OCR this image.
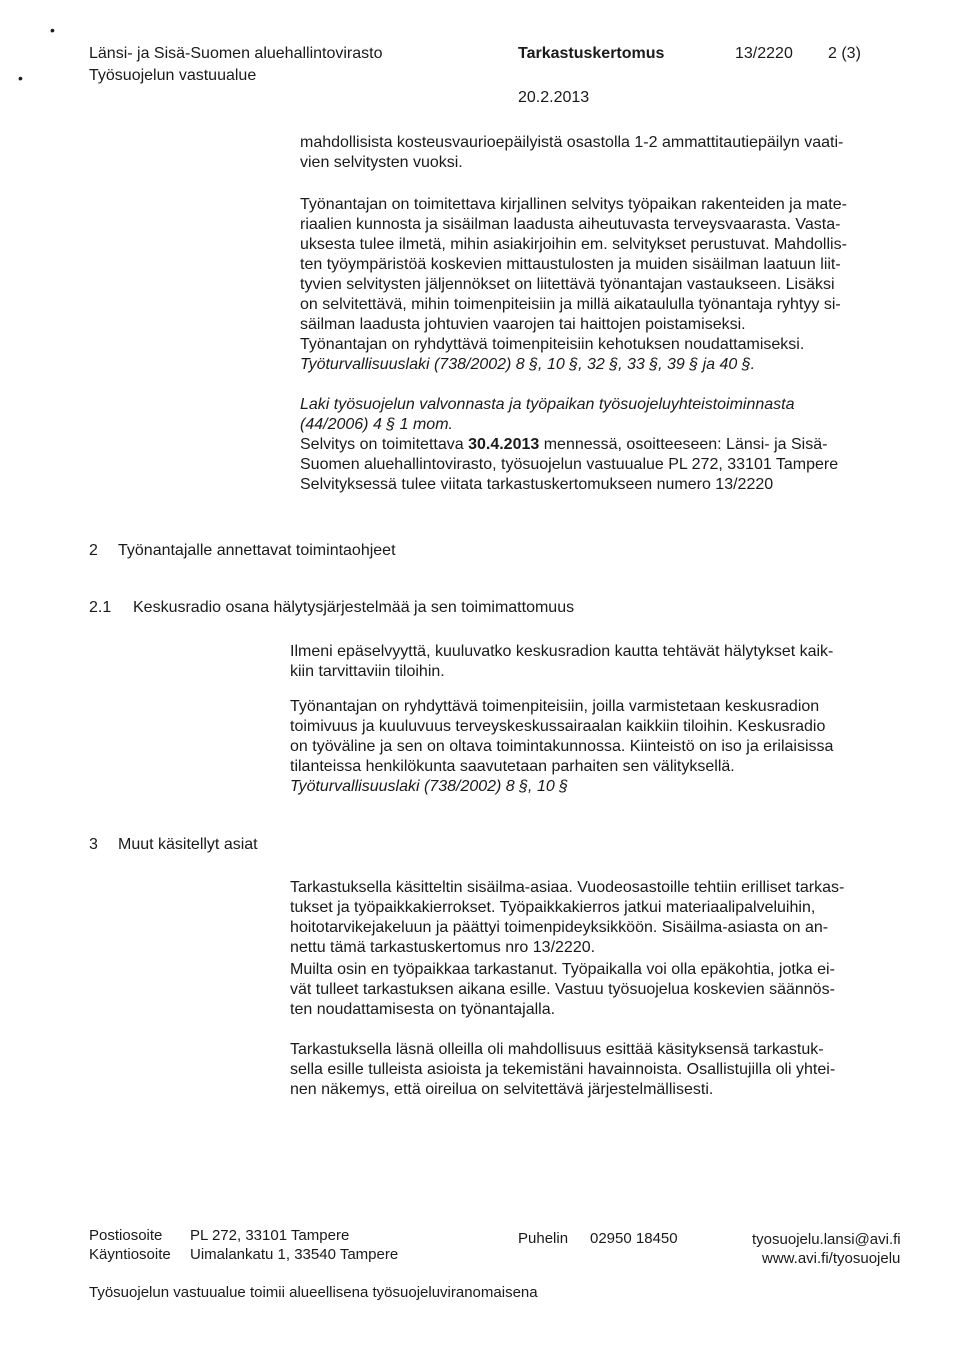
•
•
Länsi- ja Sisä-Suomen aluehallintovirasto
Työsuojelun vastuualue
Tarkastuskertomus	13/2220 2 (3)
20.2.2013
mahdollisista kosteusvaurioepäilyistä osastolla 1-2 ammattitautiepäilyn vaati-
vien selvitysten vuoksi.
Työnantajan on toimitettava kirjallinen selvitys työpaikan rakenteiden ja mate-
riaalien kunnosta ja sisäilman laadusta aiheutuvasta terveysvaarasta. Vasta-
uksesta tulee ilmetä, mihin asiakirjoihin em. selvitykset perustuvat. Mahdollis-
ten työympäristöä koskevien mittaustulosten ja muiden sisäilman laatuun liit-
tyvien selvitysten jäljennökset on liitettävä työnantajan vastaukseen. Lisäksi
on selvitettävä, mihin toimenpiteisiin ja millä aikataululla työnantaja ryhtyy si-
säilman laadusta johtuvien vaarojen tai haittojen poistamiseksi.
Työnantajan on ryhdyttävä toimenpiteisiin kehotuksen noudattamiseksi.
Työturvallisuuslaki (738/2002) 8 §, 10 §, 32 §, 33 §, 39 § ja 40 §.
Laki työsuojelun valvonnasta ja työpaikan työsuojeluyhteistoiminnasta
(44/2006) 4 § 1 mom.
Selvitys on toimitettava 30.4.2013 mennessä, osoitteeseen: Länsi- ja Sisä-
Suomen aluehallintovirasto, työsuojelun vastuualue PL 272, 33101 Tampere
Selvityksessä tulee viitata tarkastuskertomukseen numero 13/2220
2 Työnantajalle annettavat toimintaohjeet
2.1 Keskusradio osana hälytysjärjestelmää ja sen toimimattomuus
Ilmeni epäselvyyttä, kuuluvatko keskusradion kautta tehtävät hälytykset kaik-
kiin tarvittaviin tiloihin.
Työnantajan on ryhdyttävä toimenpiteisiin, joilla varmistetaan keskusradion
toimivuus ja kuuluvuus terveyskeskussairaalan kaikkiin tiloihin. Keskusradio
on työväline ja sen on oltava toimintakunnossa. Kiinteistö on iso ja erilaisissa
tilanteissa henkilökunta saavutetaan parhaiten sen välityksellä.
Työturvallisuuslaki (738/2002) 8 §, 10 §
3 Muut käsitellyt asiat
Tarkastuksella käsitteltin sisäilma-asiaa. Vuodeosastoille tehtiin erilliset tarkas-
tukset ja työpaikkakierrokset. Työpaikkakierros jatkui materiaalipalveluihin,
hoitotarvikejakeluun ja päättyi toimenpideyksikköön. Sisäilma-asiasta on an-
nettu tämä tarkastuskertomus nro 13/2220.
Muilta osin en työpaikkaa tarkastanut. Työpaikalla voi olla epäkohtia, jotka ei-
vät tulleet tarkastuksen aikana esille. Vastuu työsuojelua koskevien säännös-
ten noudattamisesta on työnantajalla.
Tarkastuksella läsnä olleilla oli mahdollisuus esittää käsityksensä tarkastuk-
sella esille tulleista asioista ja tekemistäni havainnoista. Osallistujilla oli yhtei-
nen näkemys, että oireilua on selvitettävä järjestelmällisesti.
Postiosoite PL 272, 33101 Tampere
Käyntiosoite Uimalankatu 1, 33540 Tampere
Puhelin 02950 18450	tyosuojelu.lansi@avi.fi
www.avi.fi/tyosuojelu
Työsuojelun vastuualue toimii alueellisena työsuojeluviranomaisena
